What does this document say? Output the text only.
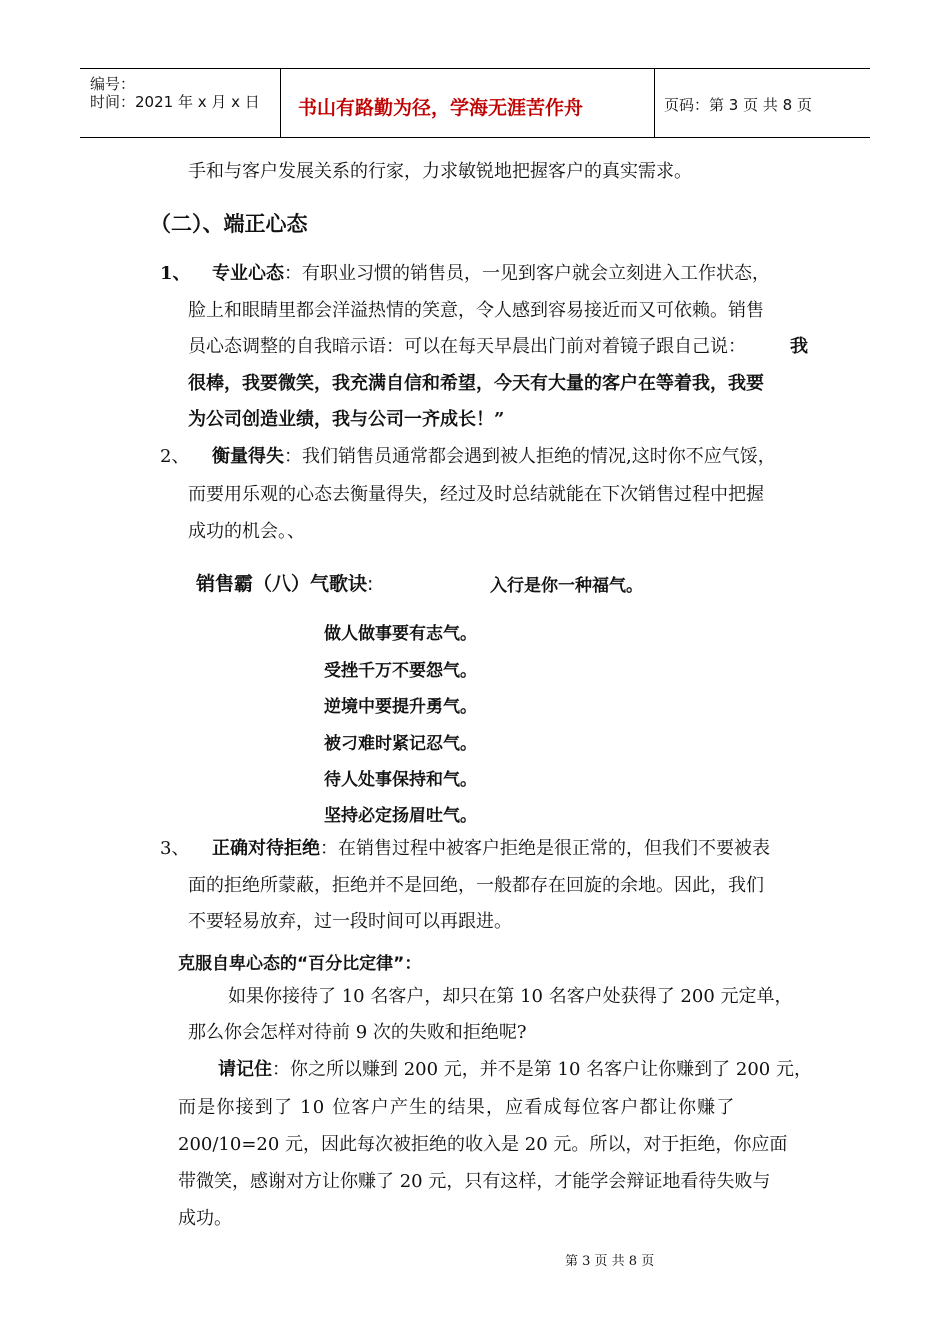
编号：
时间：2021 年 x 月 x 日 书山有路勤为径，学海无涯苦作舟	页码：第 3 页 共 8 页
手和与客户发展关系的行家，力求敏锐地把握客户的真实需求。
（二）、端正心态
1、 专业心态：有职业习惯的销售员，一见到客户就会立刻进入工作状态，
脸上和眼睛里都会洋溢热情的笑意，令人感到容易接近而又可依赖。销售
员心态调整的自我暗示语：可以在每天早晨出门前对着镜子跟自己说： 我
很棒，我要微笑，我充满自信和希望，今天有大量的客户在等着我，我要
为公司创造业绩，我与公司一齐成长！”
2、 衡量得失：我们销售员通常都会遇到被人拒绝的情况,这时你不应气馁，
而要用乐观的心态去衡量得失，经过及时总结就能在下次销售过程中把握
成功的机会。、
销售霸（八）气歌诀:	入行是你一种福气。
做人做事要有志气。
受挫千万不要怨气。
逆境中要提升勇气。
被刁难时紧记忍气。
待人处事保持和气。
坚持必定扬眉吐气。
3、 正确对待拒绝：在销售过程中被客户拒绝是很正常的，但我们不要被表
面的拒绝所蒙蔽，拒绝并不是回绝，一般都存在回旋的余地。因此，我们
不要轻易放弃，过一段时间可以再跟进。
克服自卑心态的“百分比定律”：
如果你接待了 10 名客户，却只在第 10 名客户处获得了 200 元定单，
那么你会怎样对待前 9 次的失败和拒绝呢?
请记住：你之所以赚到 200 元，并不是第 10 名客户让你赚到了 200 元，
而是你接到了 10 位客户产生的结果，应看成每位客户都让你赚了
200/10=20 元，因此每次被拒绝的收入是 20 元。所以，对于拒绝，你应面
带微笑，感谢对方让你赚了 20 元，只有这样，才能学会辩证地看待失败与
成功。
第 3 页 共 8 页
